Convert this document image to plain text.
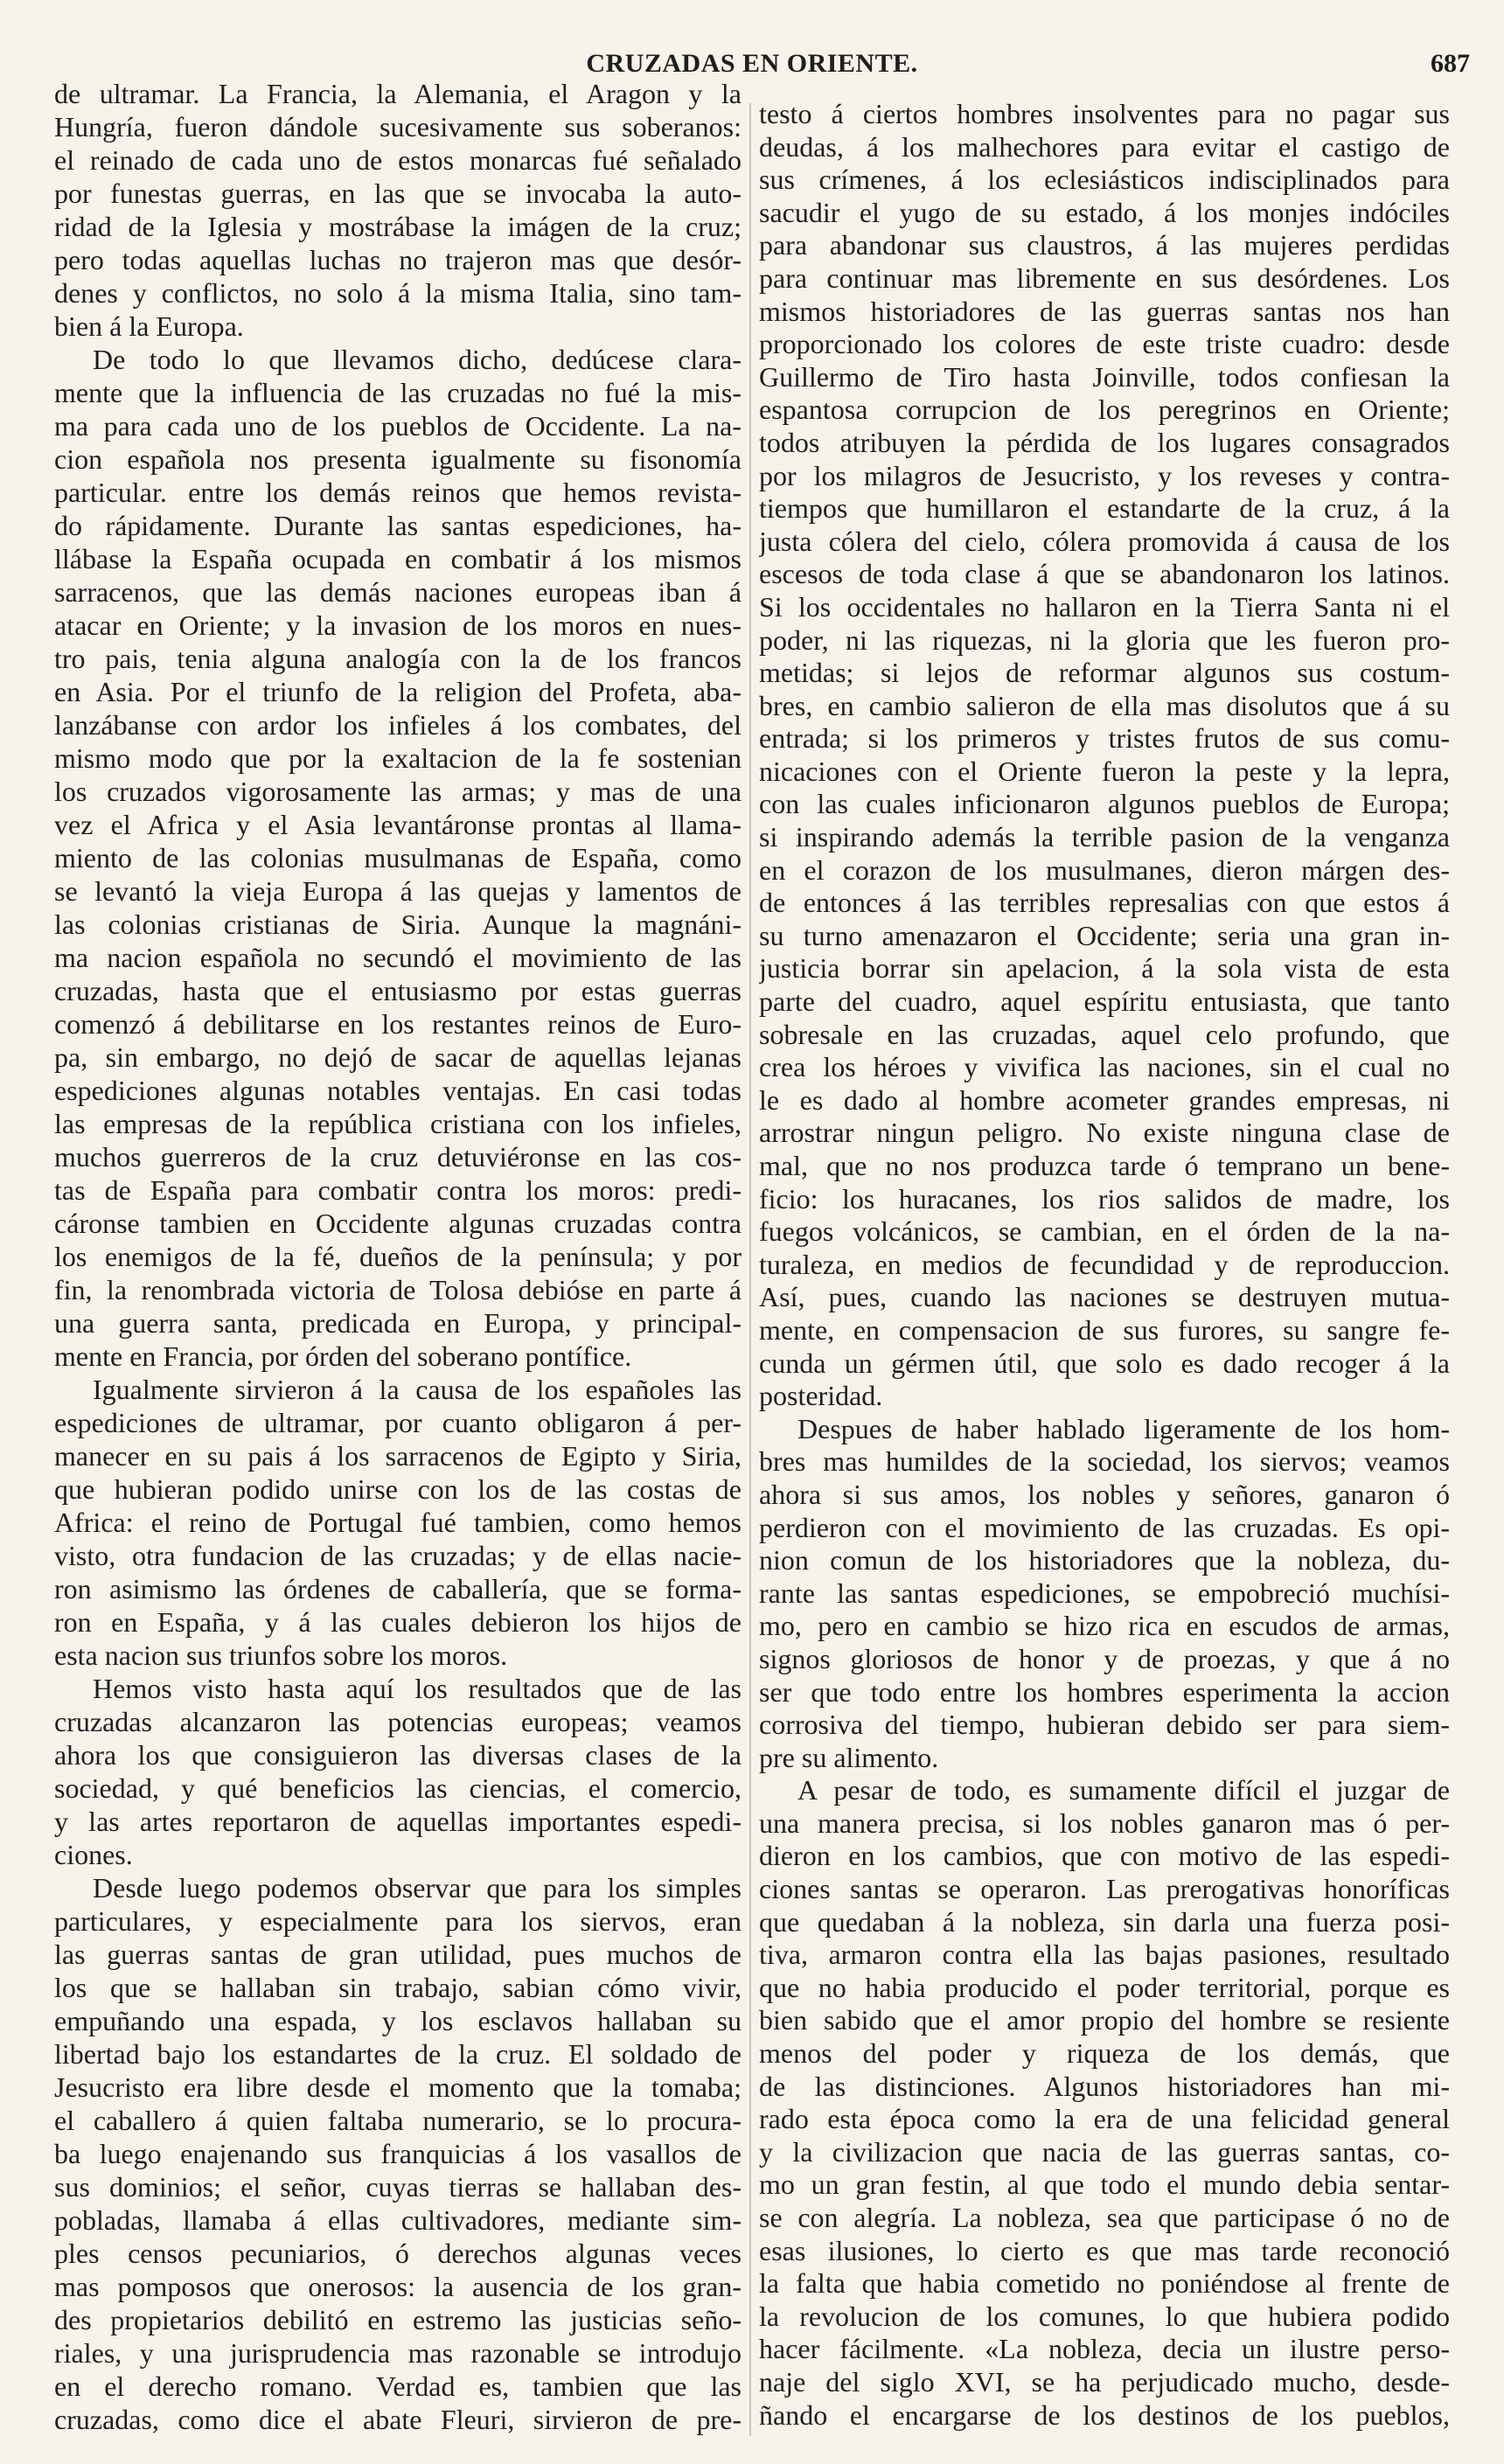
CRUZADAS EN ORIENTE.	687
de ultramar. La Francia, la Alemania, el Aragon y la
Hungría, fueron dándole sucesivamente sus soberanos:
el reinado de cada uno de estos monarcas fué señalado
por funestas guerras, en las que se invocaba la auto-
ridad de la Iglesia y mostrábase la imágen de la cruz;
pero todas aquellas luchas no trajeron mas que desór-
denes y conflictos, no solo á la misma Italia, sino tam-
bien á la Europa.
De todo lo que llevamos dicho, dedúcese clara-
mente que la influencia de las cruzadas no fué la mis-
ma para cada uno de los pueblos de Occidente. La na-
cion española nos presenta igualmente su fisonomía
particular. entre los demás reinos que hemos revista-
do rápidamente. Durante las santas espediciones, ha-
llábase la España ocupada en combatir á los mismos
sarracenos, que las demás naciones europeas iban á
atacar en Oriente; y la invasion de los moros en nues-
tro pais, tenia alguna analogía con la de los francos
en Asia. Por el triunfo de la religion del Profeta, aba-
lanzábanse con ardor los infieles á los combates, del
mismo modo que por la exaltacion de la fe sostenian
los cruzados vigorosamente las armas; y mas de una
vez el Africa y el Asia levantáronse prontas al llama-
miento de las colonias musulmanas de España, como
se levantó la vieja Europa á las quejas y lamentos de
las colonias cristianas de Siria. Aunque la magnáni-
ma nacion española no secundó el movimiento de las
cruzadas, hasta que el entusiasmo por estas guerras
comenzó á debilitarse en los restantes reinos de Euro-
pa, sin embargo, no dejó de sacar de aquellas lejanas
espediciones algunas notables ventajas. En casi todas
las empresas de la república cristiana con los infieles,
muchos guerreros de la cruz detuviéronse en las cos-
tas de España para combatir contra los moros: predi-
cáronse tambien en Occidente algunas cruzadas contra
los enemigos de la fé, dueños de la península; y por
fin, la renombrada victoria de Tolosa debióse en parte á
una guerra santa, predicada en Europa, y principal-
mente en Francia, por órden del soberano pontífice.
Igualmente sirvieron á la causa de los españoles las
espediciones de ultramar, por cuanto obligaron á per-
manecer en su pais á los sarracenos de Egipto y Siria,
que hubieran podido unirse con los de las costas de
Africa: el reino de Portugal fué tambien, como hemos
visto, otra fundacion de las cruzadas; y de ellas nacie-
ron asimismo las órdenes de caballería, que se forma-
ron en España, y á las cuales debieron los hijos de
esta nacion sus triunfos sobre los moros.
Hemos visto hasta aquí los resultados que de las
cruzadas alcanzaron las potencias europeas; veamos
ahora los que consiguieron las diversas clases de la
sociedad, y qué beneficios las ciencias, el comercio,
y las artes reportaron de aquellas importantes espedi-
ciones.
Desde luego podemos observar que para los simples
particulares, y especialmente para los siervos, eran
las guerras santas de gran utilidad, pues muchos de
los que se hallaban sin trabajo, sabian cómo vivir,
empuñando una espada, y los esclavos hallaban su
libertad bajo los estandartes de la cruz. El soldado de
Jesucristo era libre desde el momento que la tomaba;
el caballero á quien faltaba numerario, se lo procura-
ba luego enajenando sus franquicias á los vasallos de
sus dominios; el señor, cuyas tierras se hallaban des-
pobladas, llamaba á ellas cultivadores, mediante sim-
ples censos pecuniarios, ó derechos algunas veces
mas pomposos que onerosos: la ausencia de los gran-
des propietarios debilitó en estremo las justicias seño-
riales, y una jurisprudencia mas razonable se introdujo
en el derecho romano. Verdad es, tambien que las
cruzadas, como dice el abate Fleuri, sirvieron de pre-
testo á ciertos hombres insolventes para no pagar sus
deudas, á los malhechores para evitar el castigo de
sus crímenes, á los eclesiásticos indisciplinados para
sacudir el yugo de su estado, á los monjes indóciles
para abandonar sus claustros, á las mujeres perdidas
para continuar mas libremente en sus desórdenes. Los
mismos historiadores de las guerras santas nos han
proporcionado los colores de este triste cuadro: desde
Guillermo de Tiro hasta Joinville, todos confiesan la
espantosa corrupcion de los peregrinos en Oriente;
todos atribuyen la pérdida de los lugares consagrados
por los milagros de Jesucristo, y los reveses y contra-
tiempos que humillaron el estandarte de la cruz, á la
justa cólera del cielo, cólera promovida á causa de los
escesos de toda clase á que se abandonaron los latinos.
Si los occidentales no hallaron en la Tierra Santa ni el
poder, ni las riquezas, ni la gloria que les fueron pro-
metidas; si lejos de reformar algunos sus costum-
bres, en cambio salieron de ella mas disolutos que á su
entrada; si los primeros y tristes frutos de sus comu-
nicaciones con el Oriente fueron la peste y la lepra,
con las cuales inficionaron algunos pueblos de Europa;
si inspirando además la terrible pasion de la venganza
en el corazon de los musulmanes, dieron márgen des-
de entonces á las terribles represalias con que estos á
su turno amenazaron el Occidente; seria una gran in-
justicia borrar sin apelacion, á la sola vista de esta
parte del cuadro, aquel espíritu entusiasta, que tanto
sobresale en las cruzadas, aquel celo profundo, que
crea los héroes y vivifica las naciones, sin el cual no
le es dado al hombre acometer grandes empresas, ni
arrostrar ningun peligro. No existe ninguna clase de
mal, que no nos produzca tarde ó temprano un bene-
ficio: los huracanes, los rios salidos de madre, los
fuegos volcánicos, se cambian, en el órden de la na-
turaleza, en medios de fecundidad y de reproduccion.
Así, pues, cuando las naciones se destruyen mutua-
mente, en compensacion de sus furores, su sangre fe-
cunda un gérmen útil, que solo es dado recoger á la
posteridad.
Despues de haber hablado ligeramente de los hom-
bres mas humildes de la sociedad, los siervos; veamos
ahora si sus amos, los nobles y señores, ganaron ó
perdieron con el movimiento de las cruzadas. Es opi-
nion comun de los historiadores que la nobleza, du-
rante las santas espediciones, se empobreció muchísi-
mo, pero en cambio se hizo rica en escudos de armas,
signos gloriosos de honor y de proezas, y que á no
ser que todo entre los hombres esperimenta la accion
corrosiva del tiempo, hubieran debido ser para siem-
pre su alimento.
A pesar de todo, es sumamente difícil el juzgar de
una manera precisa, si los nobles ganaron mas ó per-
dieron en los cambios, que con motivo de las espedi-
ciones santas se operaron. Las prerogativas honoríficas
que quedaban á la nobleza, sin darla una fuerza posi-
tiva, armaron contra ella las bajas pasiones, resultado
que no habia producido el poder territorial, porque es
bien sabido que el amor propio del hombre se resiente
menos del poder y riqueza de los demás, que
de las distinciones. Algunos historiadores han mi-
rado esta época como la era de una felicidad general
y la civilizacion que nacia de las guerras santas, co-
mo un gran festin, al que todo el mundo debia sentar-
se con alegría. La nobleza, sea que participase ó no de
esas ilusiones, lo cierto es que mas tarde reconoció
la falta que habia cometido no poniéndose al frente de
la revolucion de los comunes, lo que hubiera podido
hacer fácilmente. «La nobleza, decia un ilustre perso-
naje del siglo XVI, se ha perjudicado mucho, desde-
ñando el encargarse de los destinos de los pueblos,
